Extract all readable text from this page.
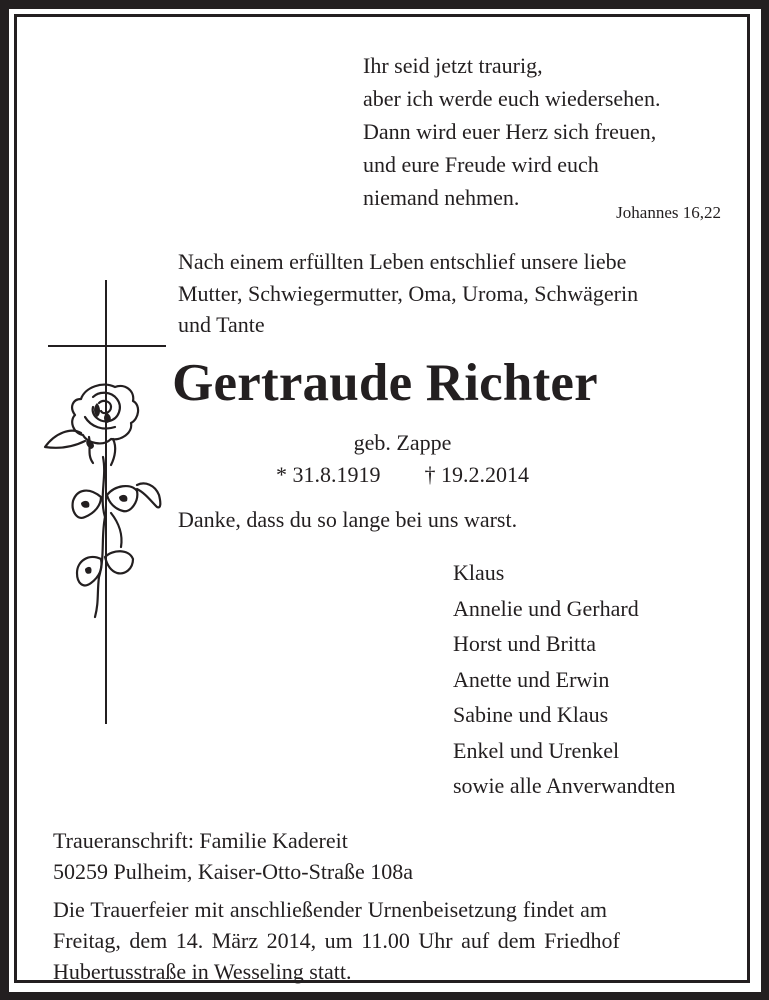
Ihr seid jetzt traurig,
aber ich werde euch wiedersehen.
Dann wird euer Herz sich freuen,
und eure Freude wird euch
niemand nehmen.
Johannes 16,22
Nach einem erfüllten Leben entschlief unsere liebe
Mutter, Schwiegermutter, Oma, Uroma, Schwägerin
und Tante
Gertraude Richter
geb. Zappe
* 31.8.1919 † 19.2.2014
Danke, dass du so lange bei uns warst.
Klaus
Annelie und Gerhard
Horst und Britta
Anette und Erwin
Sabine und Klaus
Enkel und Urenkel
sowie alle Anverwandten
Traueranschrift: Familie Kadereit
50259 Pulheim, Kaiser-Otto-Straße 108a
Die Trauerfeier mit anschließender Urnenbeisetzung findet am
Freitag, dem 14. März 2014, um 11.00 Uhr auf dem Friedhof
Hubertusstraße in Wesseling statt.
